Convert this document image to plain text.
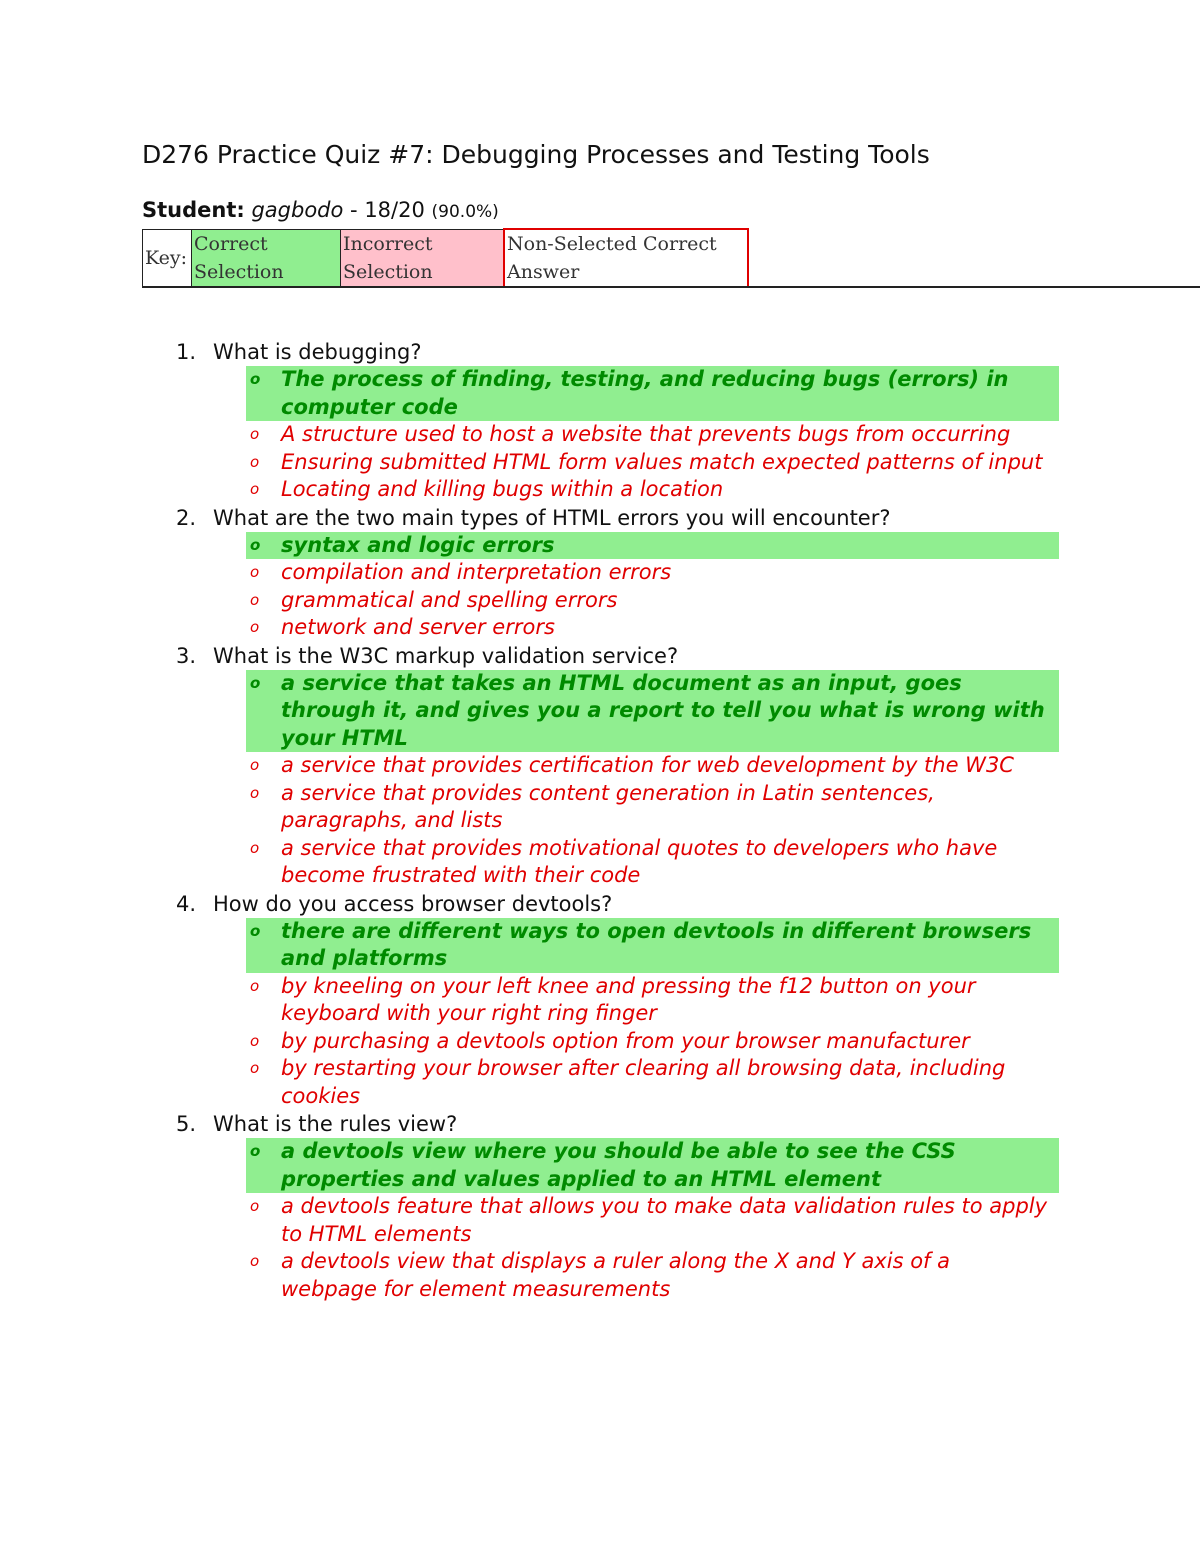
D276 Practice Quiz #7: Debugging Processes and Testing Tools
Student: gagbodo - 18/20 (90.0%)
Key:	Correct Selection	Incorrect Selection	Non-Selected Correct Answer
1. What is debugging?
o The process of finding, testing, and reducing bugs (errors) in computer code
o A structure used to host a website that prevents bugs from occurring
o Ensuring submitted HTML form values match expected patterns of input
o Locating and killing bugs within a location
2. What are the two main types of HTML errors you will encounter?
o syntax and logic errors
o compilation and interpretation errors
o grammatical and spelling errors
o network and server errors
3. What is the W3C markup validation service?
o a service that takes an HTML document as an input, goes through it, and gives you a report to tell you what is wrong with your HTML
o a service that provides certification for web development by the W3C
o a service that provides content generation in Latin sentences, paragraphs, and lists
o a service that provides motivational quotes to developers who have become frustrated with their code
4. How do you access browser devtools?
o there are different ways to open devtools in different browsers and platforms
o by kneeling on your left knee and pressing the f12 button on your keyboard with your right ring finger
o by purchasing a devtools option from your browser manufacturer
o by restarting your browser after clearing all browsing data, including cookies
5. What is the rules view?
o a devtools view where you should be able to see the CSS properties and values applied to an HTML element
o a devtools feature that allows you to make data validation rules to apply to HTML elements
o a devtools view that displays a ruler along the X and Y axis of a webpage for element measurements
